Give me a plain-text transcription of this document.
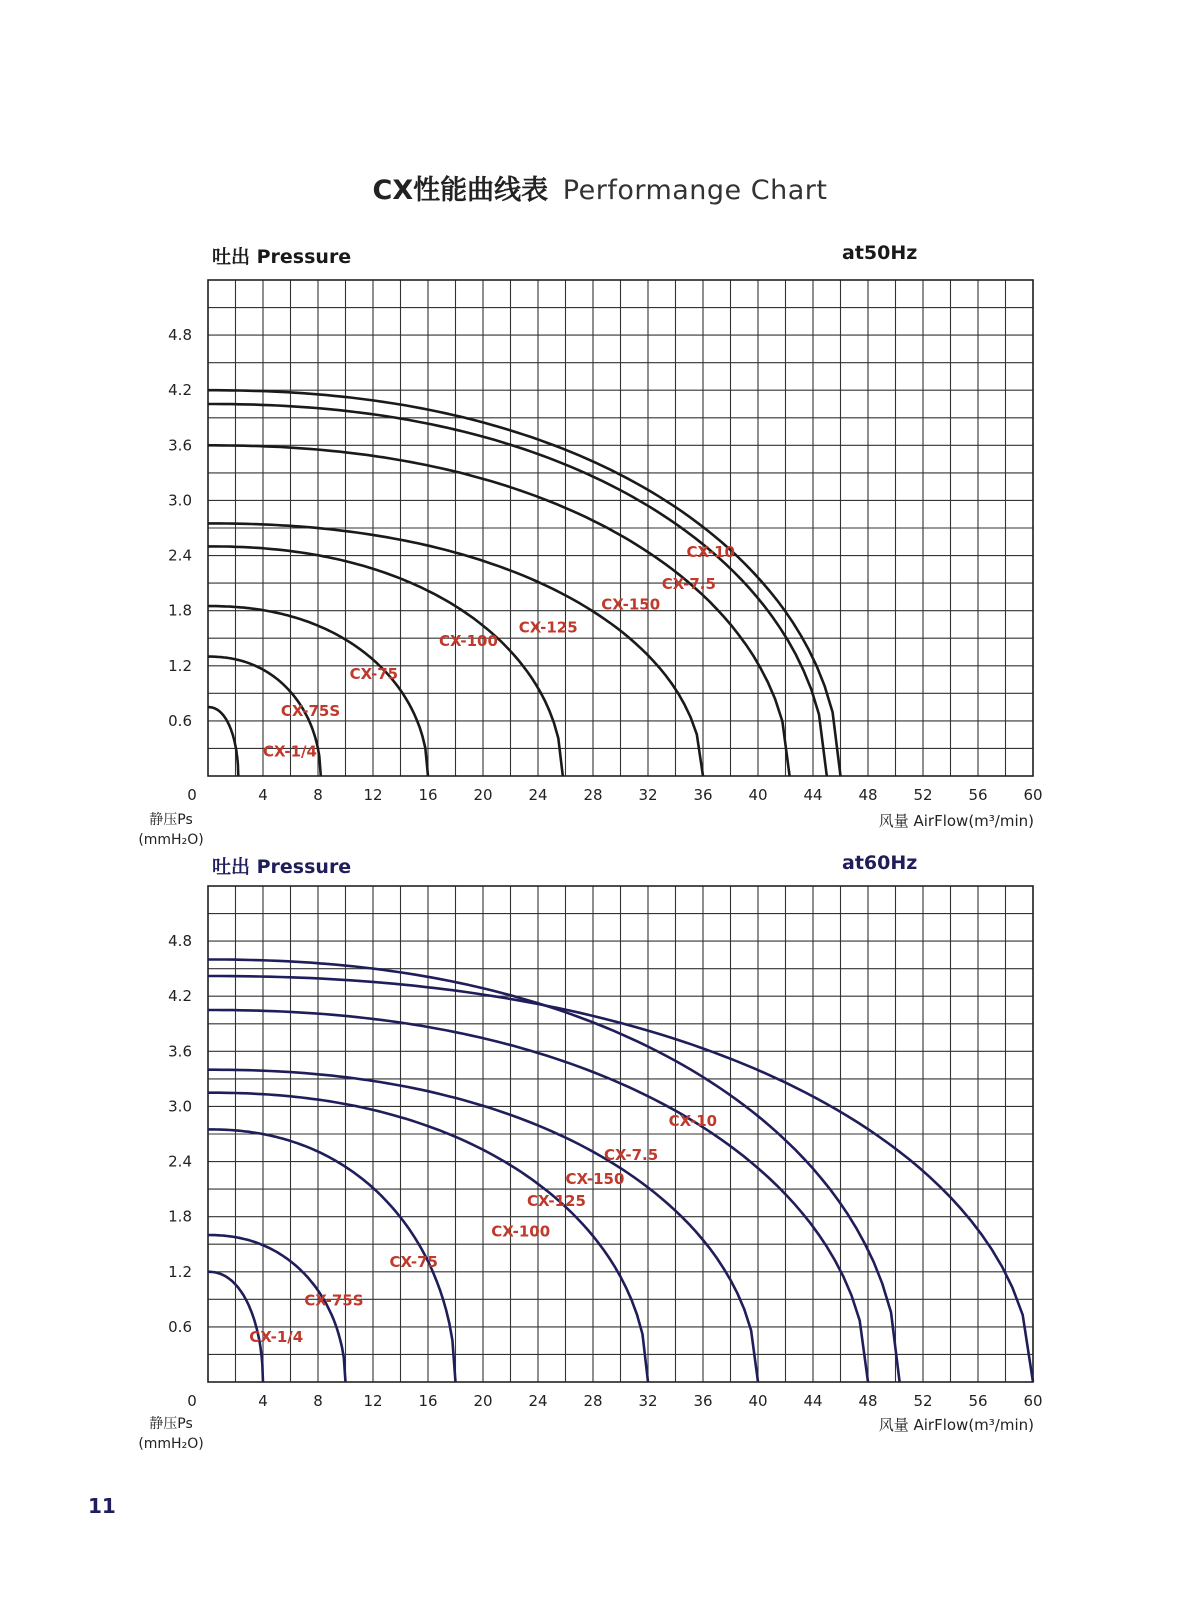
CX性能曲线表 Performange Chart
吐出 Pressure	at50Hz
0	4	8	12 16 20 24 28 32 36 40 44 48 52 56 60
4.8
4.2
3.6
3.0
2.4
1.8
1.2
0.6
CX-1/4
CX-75S
CX-75
CX-100
CX-125
CX-150
CX-7.5
CX-10
静压Ps
(mmH₂O)
风量 AirFlow(m³/min)
吐出 Pressure	at60Hz
0	4	8	12 16 20 24 28 32 36 40 44 48 52 56 60
4.8
4.2
3.6
3.0
2.4
1.8
1.2
0.6
CX-1/4
CX-75S
CX-75
CX-100
CX-125
CX-150
CX-7.5
CX-10
静压Ps
(mmH₂O)
风量 AirFlow(m³/min)
11
